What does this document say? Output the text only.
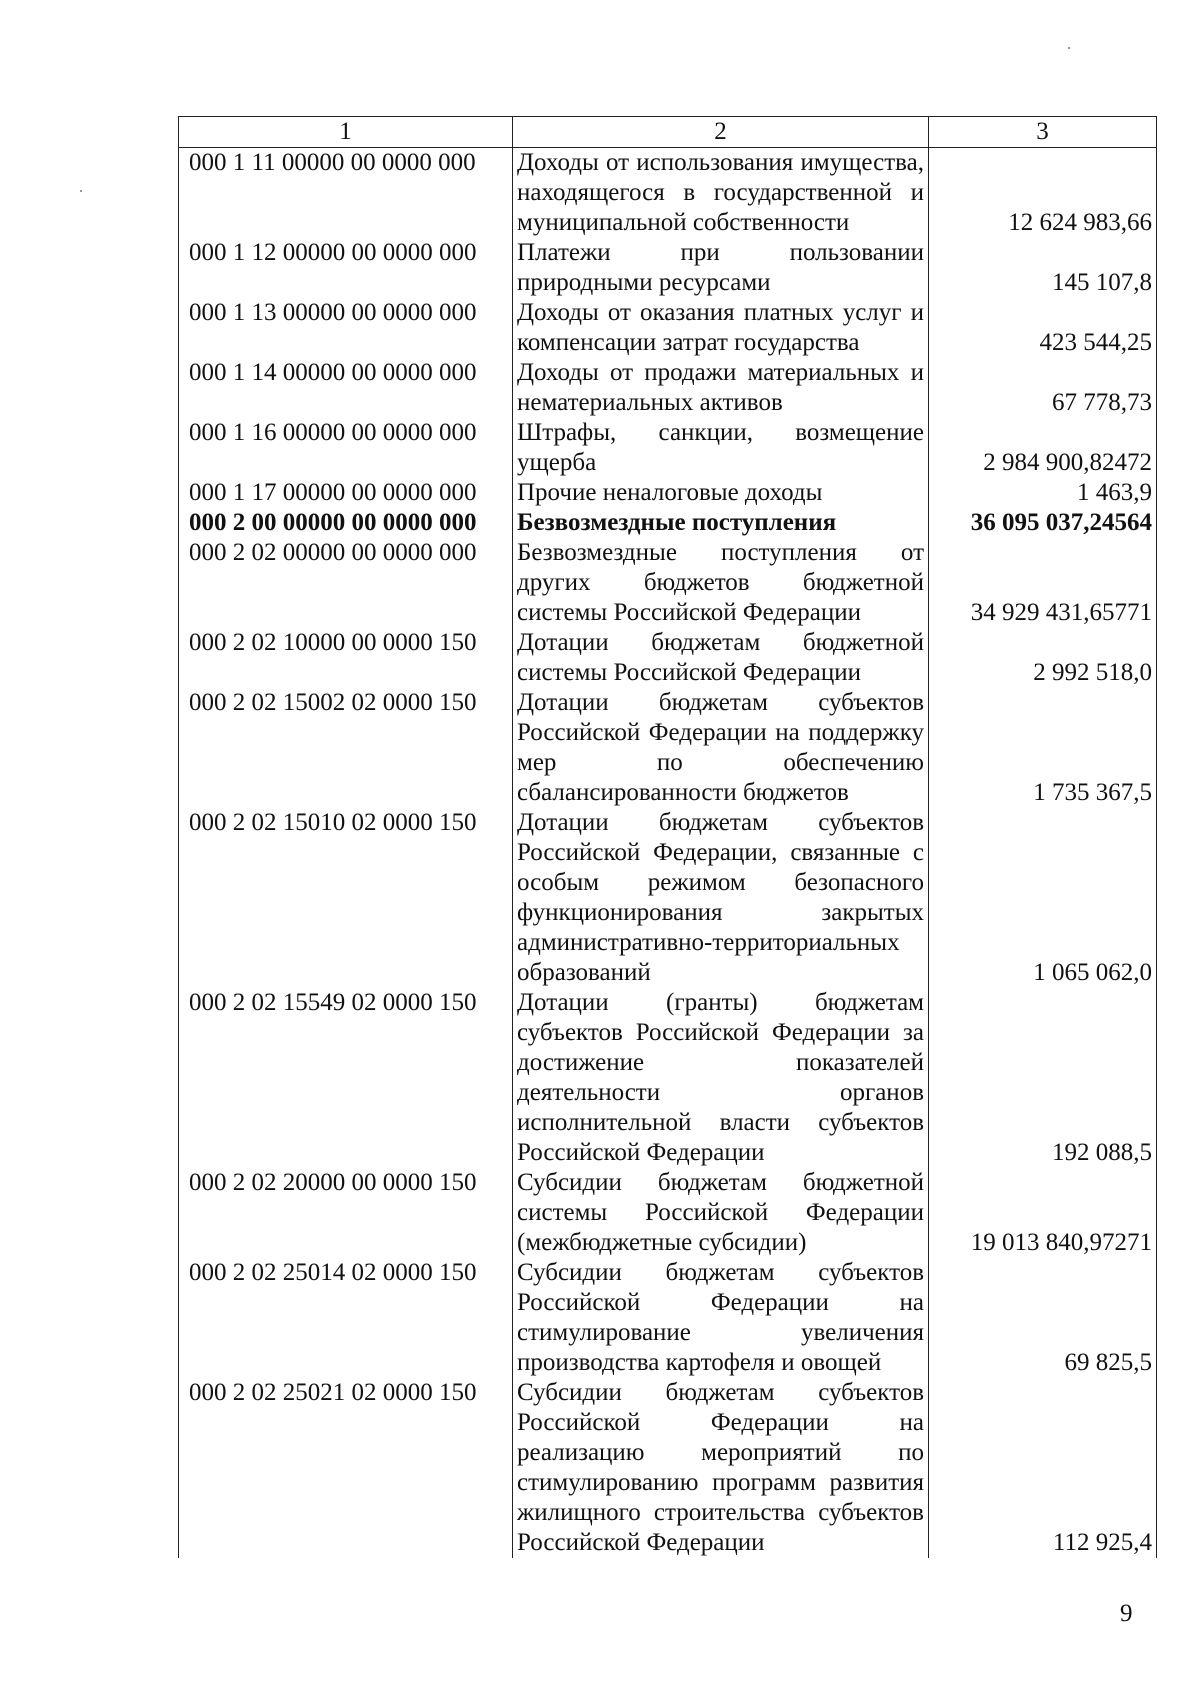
1	2	3
000 1 11 00000 00 0000 000	Доходы от использования имущества, находящегося в государственной и муниципальной собственности	12 624 983,66
000 1 12 00000 00 0000 000	Платежи при пользовании природными ресурсами	145 107,8
000 1 13 00000 00 0000 000	Доходы от оказания платных услуг и компенсации затрат государства	423 544,25
000 1 14 00000 00 0000 000	Доходы от продажи материальных и нематериальных активов	67 778,73
000 1 16 00000 00 0000 000	Штрафы, санкции, возмещение ущерба	2 984 900,82472
000 1 17 00000 00 0000 000	Прочие неналоговые доходы	1 463,9
000 2 00 00000 00 0000 000	Безвозмездные поступления	36 095 037,24564
000 2 02 00000 00 0000 000	Безвозмездные поступления от других бюджетов бюджетной системы Российской Федерации	34 929 431,65771
000 2 02 10000 00 0000 150	Дотации бюджетам бюджетной системы Российской Федерации	2 992 518,0
000 2 02 15002 02 0000 150	Дотации бюджетам субъектов Российской Федерации на поддержку мер по обеспечению сбалансированности бюджетов	1 735 367,5
000 2 02 15010 02 0000 150	Дотации бюджетам субъектов Российской Федерации, связанные с особым режимом безопасного функционирования закрытых административно-территориальных образований	1 065 062,0
000 2 02 15549 02 0000 150	Дотации (гранты) бюджетам субъектов Российской Федерации за достижение показателей деятельности органов исполнительной власти субъектов Российской Федерации	192 088,5
000 2 02 20000 00 0000 150	Субсидии бюджетам бюджетной системы Российской Федерации (межбюджетные субсидии)	19 013 840,97271
000 2 02 25014 02 0000 150	Субсидии бюджетам субъектов Российской Федерации на стимулирование увеличения производства картофеля и овощей	69 825,5
000 2 02 25021 02 0000 150	Субсидии бюджетам субъектов Российской Федерации на реализацию мероприятий по стимулированию программ развития жилищного строительства субъектов Российской Федерации	112 925,4
9
